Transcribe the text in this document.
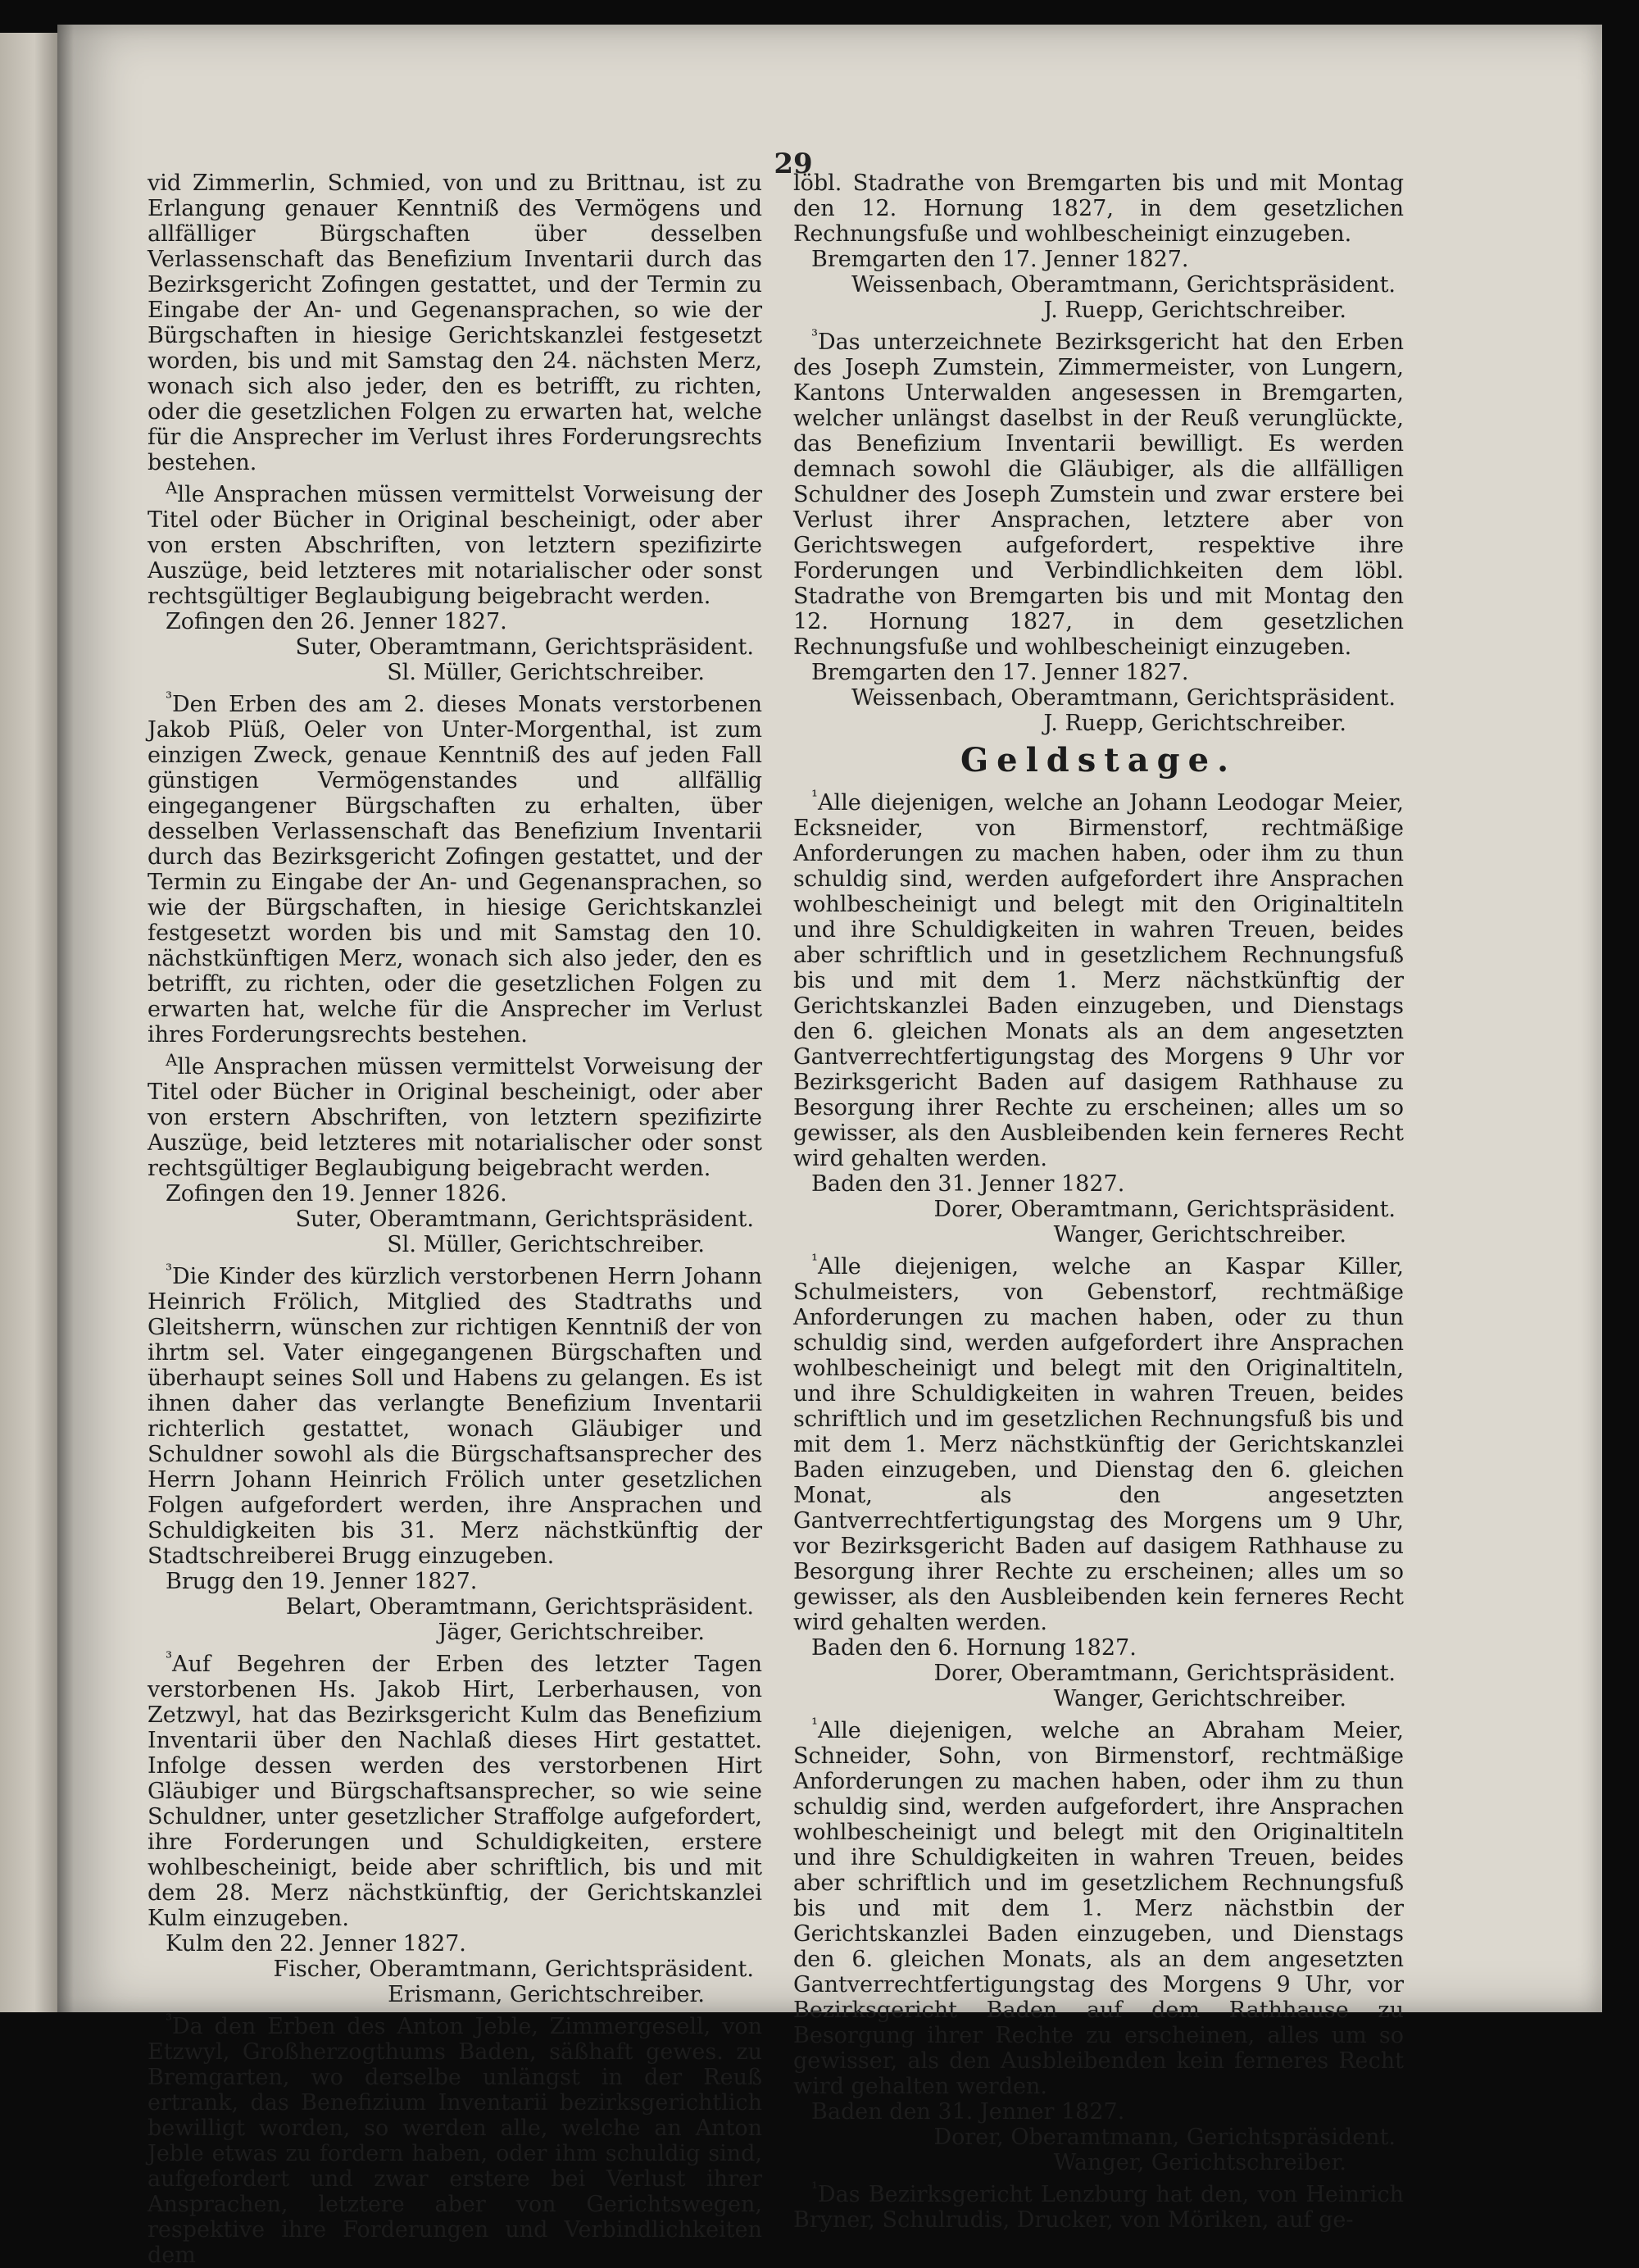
29

vid Zimmerlin, Schmied, von und zu Brittnau, ist zu Erlangung genauer Kenntniß des Vermögens und allfälliger Bürgschaften über desselben Verlassenschaft das Benefizium Inventarii durch das Bezirksgericht Zofingen gestattet, und der Termin zu Eingabe der An- und Gegenansprachen, so wie der Bürgschaften in hiesige Gerichtskanzlei festgesetzt worden, bis und mit Samstag den 24. nächsten Merz, wonach sich also jeder, den es betrifft, zu richten, oder die gesetzlichen Folgen zu erwarten hat, welche für die Ansprecher im Verlust ihres Forderungsrechts bestehen.

Alle Ansprachen müssen vermittelst Vorweisung der Titel oder Bücher in Original bescheinigt, oder aber von ersten Abschriften, von letztern spezifizirte Auszüge, beid letzteres mit notarialischer oder sonst rechtsgültiger Beglaubigung beigebracht werden.

Zofingen den 26. Jenner 1827.

Suter, Oberamtmann, Gerichtspräsident.

Sl. Müller, Gerichtschreiber.

³Den Erben des am 2. dieses Monats verstorbenen Jakob Plüß, Oeler von Unter-Morgenthal, ist zum einzigen Zweck, genaue Kenntniß des auf jeden Fall günstigen Vermögenstandes und allfällig eingegangener Bürgschaften zu erhalten, über desselben Verlassenschaft das Benefizium Inventarii durch das Bezirksgericht Zofingen gestattet, und der Termin zu Eingabe der An- und Gegenansprachen, so wie der Bürgschaften, in hiesige Gerichtskanzlei festgesetzt worden bis und mit Samstag den 10. nächstkünftigen Merz, wonach sich also jeder, den es betrifft, zu richten, oder die gesetzlichen Folgen zu erwarten hat, welche für die Ansprecher im Verlust ihres Forderungsrechts bestehen.

Alle Ansprachen müssen vermittelst Vorweisung der Titel oder Bücher in Original bescheinigt, oder aber von erstern Abschriften, von letztern spezifizirte Auszüge, beid letzteres mit notarialischer oder sonst rechtsgültiger Beglaubigung beigebracht werden.

Zofingen den 19. Jenner 1826.

Suter, Oberamtmann, Gerichtspräsident.

Sl. Müller, Gerichtschreiber.

³Die Kinder des kürzlich verstorbenen Herrn Johann Heinrich Frölich, Mitglied des Stadtraths und Gleitsherrn, wünschen zur richtigen Kenntniß der von ihrtm sel. Vater eingegangenen Bürgschaften und überhaupt seines Soll und Habens zu gelangen. Es ist ihnen daher das verlangte Benefizium Inventarii richterlich gestattet, wonach Gläubiger und Schuldner sowohl als die Bürgschaftsansprecher des Herrn Johann Heinrich Frölich unter gesetzlichen Folgen aufgefordert werden, ihre Ansprachen und Schuldigkeiten bis 31. Merz nächstkünftig der Stadtschreiberei Brugg einzugeben.

Brugg den 19. Jenner 1827.

Belart, Oberamtmann, Gerichtspräsident.

Jäger, Gerichtschreiber.

³Auf Begehren der Erben des letzter Tagen verstorbenen Hs. Jakob Hirt, Lerberhausen, von Zetzwyl, hat das Bezirksgericht Kulm das Benefizium Inventarii über den Nachlaß dieses Hirt gestattet. Infolge dessen werden des verstorbenen Hirt Gläubiger und Bürgschaftsansprecher, so wie seine Schuldner, unter gesetzlicher Straffolge aufgefordert, ihre Forderungen und Schuldigkeiten, erstere wohlbescheinigt, beide aber schriftlich, bis und mit dem 28. Merz nächstkünftig, der Gerichtskanzlei Kulm einzugeben.

Kulm den 22. Jenner 1827.

Fischer, Oberamtmann, Gerichtspräsident.

Erismann, Gerichtschreiber.

³Da den Erben des Anton Jeble, Zimmergesell, von Etzwyl, Großherzogthums Baden, säßhaft gewes. zu Bremgarten, wo derselbe unlängst in der Reuß ertrank, das Benefizium Inventarii bezirksgerichtlich bewilligt worden, so werden alle, welche an Anton Jeble etwas zu fordern haben, oder ihm schuldig sind, aufgefordert und zwar erstere bei Verlust ihrer Ansprachen, letztere aber von Gerichtswegen, respektive ihre Forderungen und Verbindlichkeiten dem

löbl. Stadrathe von Bremgarten bis und mit Montag den 12. Hornung 1827, in dem gesetzlichen Rechnungsfuße und wohlbescheinigt einzugeben.

Bremgarten den 17. Jenner 1827.

Weissenbach, Oberamtmann, Gerichtspräsident.

J. Ruepp, Gerichtschreiber.

³Das unterzeichnete Bezirksgericht hat den Erben des Joseph Zumstein, Zimmermeister, von Lungern, Kantons Unterwalden angesessen in Bremgarten, welcher unlängst daselbst in der Reuß verunglückte, das Benefizium Inventarii bewilligt. Es werden demnach sowohl die Gläubiger, als die allfälligen Schuldner des Joseph Zumstein und zwar erstere bei Verlust ihrer Ansprachen, letztere aber von Gerichtswegen aufgefordert, respektive ihre Forderungen und Verbindlichkeiten dem löbl. Stadrathe von Bremgarten bis und mit Montag den 12. Hornung 1827, in dem gesetzlichen Rechnungsfuße und wohlbescheinigt einzugeben.

Bremgarten den 17. Jenner 1827.

Weissenbach, Oberamtmann, Gerichtspräsident.

J. Ruepp, Gerichtschreiber.

Geldstage.

¹Alle diejenigen, welche an Johann Leodogar Meier, Ecksneider, von Birmenstorf, rechtmäßige Anforderungen zu machen haben, oder ihm zu thun schuldig sind, werden aufgefordert ihre Ansprachen wohlbescheinigt und belegt mit den Originaltiteln und ihre Schuldigkeiten in wahren Treuen, beides aber schriftlich und in gesetzlichem Rechnungsfuß bis und mit dem 1. Merz nächstkünftig der Gerichtskanzlei Baden einzugeben, und Dienstags den 6. gleichen Monats als an dem angesetzten Gantverrechtfertigungstag des Morgens 9 Uhr vor Bezirksgericht Baden auf dasigem Rathhause zu Besorgung ihrer Rechte zu erscheinen; alles um so gewisser, als den Ausbleibenden kein ferneres Recht wird gehalten werden.

Baden den 31. Jenner 1827.

Dorer, Oberamtmann, Gerichtspräsident.

Wanger, Gerichtschreiber.

¹Alle diejenigen, welche an Kaspar Killer, Schulmeisters, von Gebenstorf, rechtmäßige Anforderungen zu machen haben, oder zu thun schuldig sind, werden aufgefordert ihre Ansprachen wohlbescheinigt und belegt mit den Originaltiteln, und ihre Schuldigkeiten in wahren Treuen, beides schriftlich und im gesetzlichen Rechnungsfuß bis und mit dem 1. Merz nächstkünftig der Gerichtskanzlei Baden einzugeben, und Dienstag den 6. gleichen Monat, als den angesetzten Gantverrechtfertigungstag des Morgens um 9 Uhr, vor Bezirksgericht Baden auf dasigem Rathhause zu Besorgung ihrer Rechte zu erscheinen; alles um so gewisser, als den Ausbleibenden kein ferneres Recht wird gehalten werden.

Baden den 6. Hornung 1827.

Dorer, Oberamtmann, Gerichtspräsident.

Wanger, Gerichtschreiber.

¹Alle diejenigen, welche an Abraham Meier, Schneider, Sohn, von Birmenstorf, rechtmäßige Anforderungen zu machen haben, oder ihm zu thun schuldig sind, werden aufgefordert, ihre Ansprachen wohlbescheinigt und belegt mit den Originaltiteln und ihre Schuldigkeiten in wahren Treuen, beides aber schriftlich und im gesetzlichem Rechnungsfuß bis und mit dem 1. Merz nächstbin der Gerichtskanzlei Baden einzugeben, und Dienstags den 6. gleichen Monats, als an dem angesetzten Gantverrechtfertigungstag des Morgens 9 Uhr, vor Bezirksgericht Baden auf dem Rathhause zu Besorgung ihrer Rechte zu erscheinen, alles um so gewisser, als den Ausbleibenden kein ferneres Recht wird gehalten werden.

Baden den 31. Jenner 1827.

Dorer, Oberamtmann, Gerichtspräsident.

Wanger, Gerichtschreiber.

¹Das Bezirksgericht Lenzburg hat den, von Heinrich Bryner, Schulrudis, Drucker, von Möriken, auf ge-
